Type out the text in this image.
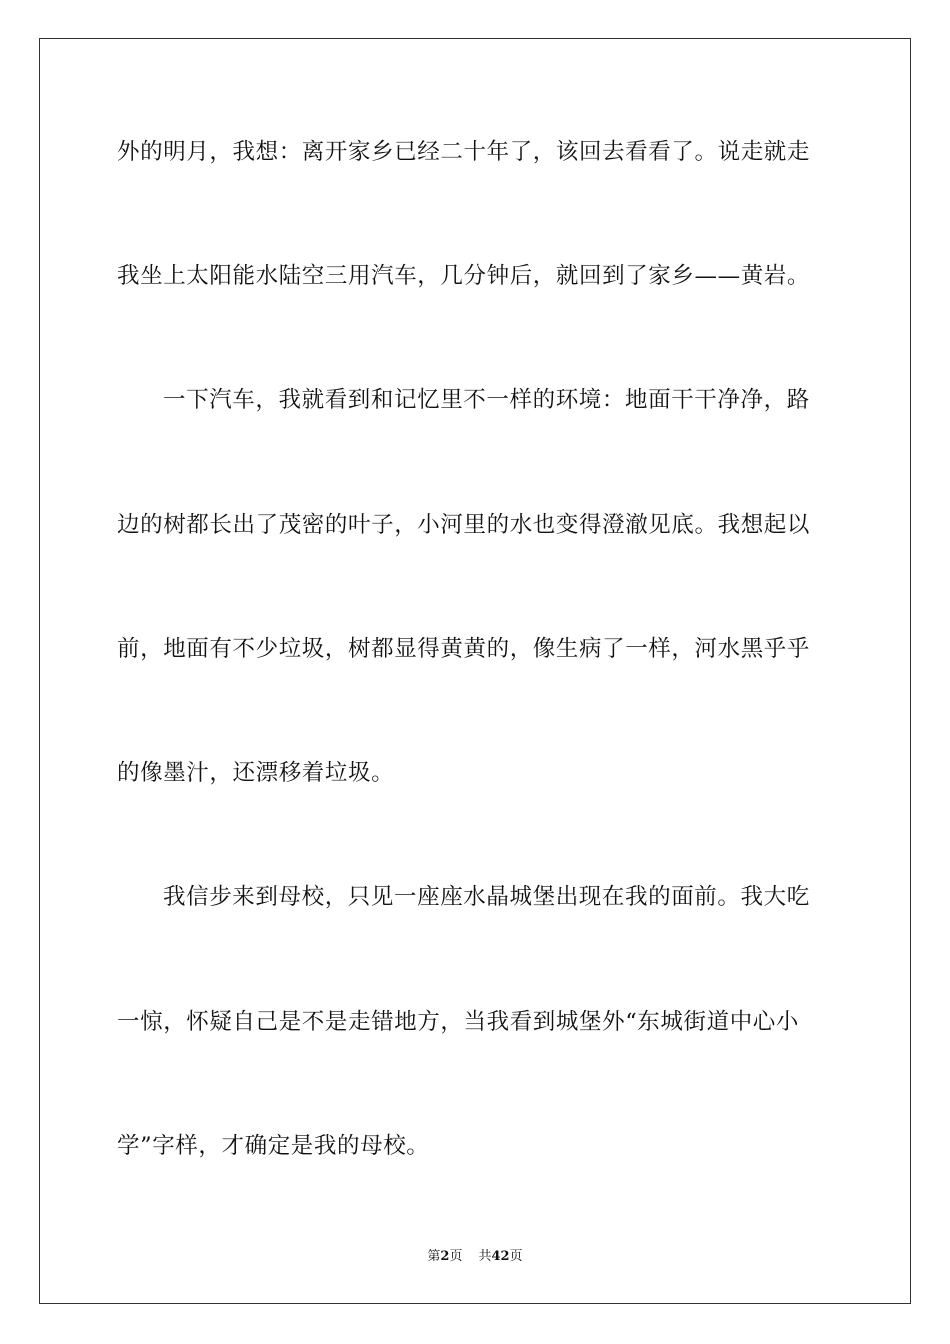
外的明月，我想：离开家乡已经二十年了，该回去看看了。说走就走
我坐上太阳能水陆空三用汽车，几分钟后，就回到了家乡——黄岩。
一下汽车，我就看到和记忆里不一样的环境：地面干干净净，路
边的树都长出了茂密的叶子，小河里的水也变得澄澈见底。我想起以
前，地面有不少垃圾，树都显得黄黄的，像生病了一样，河水黑乎乎
的像墨汁，还漂移着垃圾。
我信步来到母校，只见一座座水晶城堡出现在我的面前。我大吃
一惊，怀疑自己是不是走错地方，当我看到城堡外“东城街道中心小
学”字样，才确定是我的母校。
第2页 共42页
